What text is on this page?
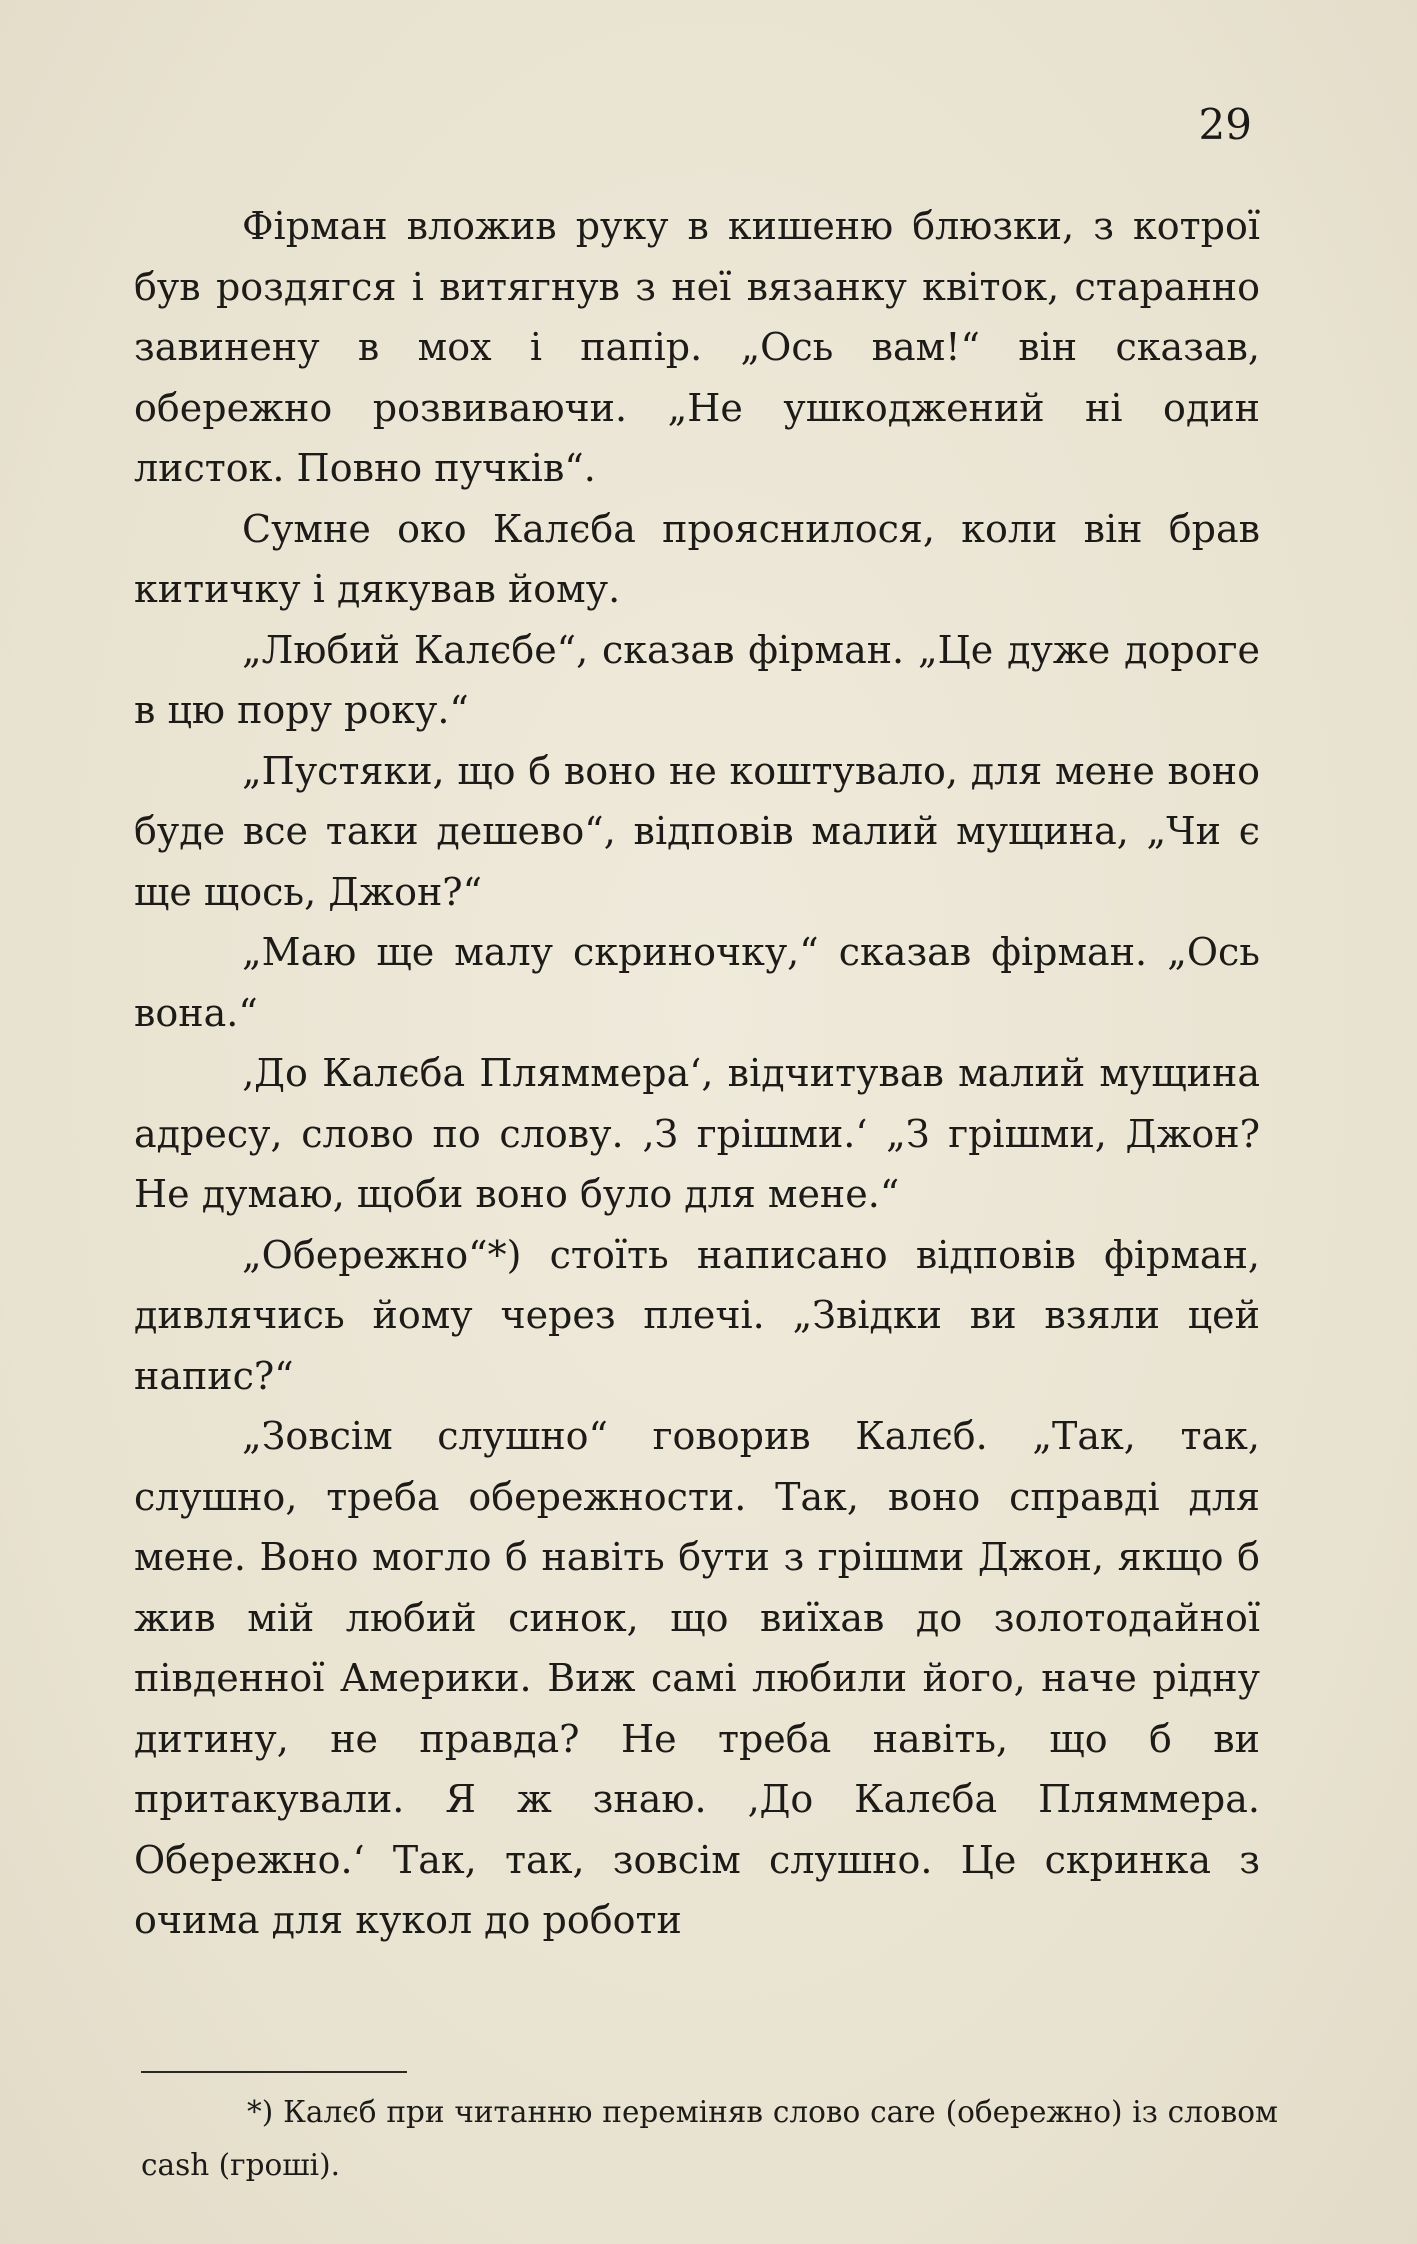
29

Фірман вложив руку в кишеню блюзки, з котрої був роздягся і витягнув з неї вязанку квіток, старанно завинену в мох і папір. „Ось вам!“ він сказав, обережно розвиваючи. „Не ушкоджений ні один листок. Повно пучків“.

Сумне око Калєба прояснилося, коли він брав китичку і дякував йому.

„Любий Калєбе“, сказав фірман. „Це дуже дороге в цю пору року.“

„Пустяки, що б воно не коштувало, для мене воно буде все таки дешево“, відповів малий мущина, „Чи є ще щось, Джон?“

„Маю ще малу скриночку,“ сказав фірман. „Ось вона.“

‚До Калєба Пляммера‘, відчитував малий мущина адресу, слово по слову. ‚З грішми.‘ „З грішми, Джон? Не думаю, щоби воно було для мене.“

„Обережно“*) стоїть написано відповів фірман, дивлячись йому через плечі. „Звідки ви взяли цей напис?“

„Зовсім слушно“ говорив Калєб. „Так, так, слушно, треба обережности. Так, воно справді для мене. Воно могло б навіть бути з грішми Джон, якщо б жив мій любий синок, що виїхав до золотодайної південної Америки. Виж самі любили його, наче рідну дитину, не правда? Не треба навіть, що б ви притакували. Я ж знаю. ‚До Калєба Пляммера. Обережно.‘ Так, так, зовсім слушно. Це скринка з очима для кукол до роботи

*) Калєб при читанню переміняв слово care (обережно) із словом cash (гроші).
